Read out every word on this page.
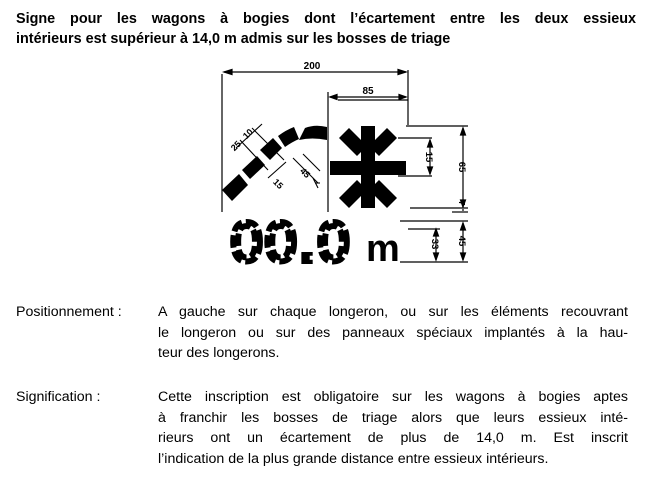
Signe pour les wagons à bogies dont l’écartement entre les deux essieux
intérieurs est supérieur à 14,0 m admis sur les bosses de triage
200
85
15
65
7
33 45
25
10
45
15
00.0 m
Positionnement :	A gauche sur chaque longeron, ou sur les éléments recouvrant
le longeron ou sur des panneaux spéciaux implantés à la hau-
teur des longerons.
Signification :	Cette inscription est obligatoire sur les wagons à bogies aptes
à franchir les bosses de triage alors que leurs essieux inté-
rieurs ont un écartement de plus de 14,0 m. Est inscrit
l’indication de la plus grande distance entre essieux intérieurs.
